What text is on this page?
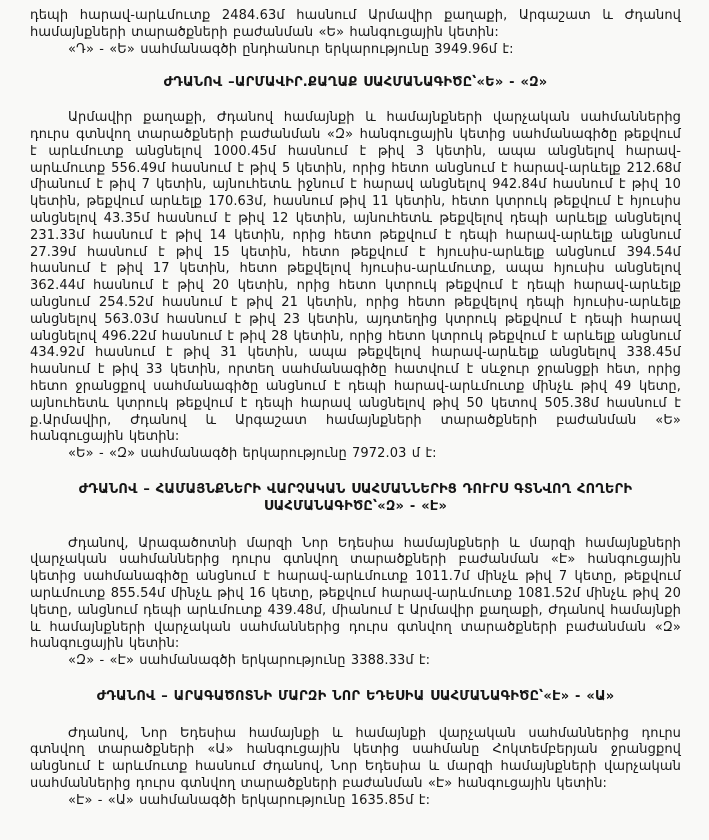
դեպի հարավ-արևմուտք 2484.63մ հասնում Արմավիր քաղաքի, Արգաշատ և Ժդանով համայնքների տարածքների բաժանման «Ե» հանգուցային կետին:

«Դ» - «Ե» սահմանագծի ընդհանուր երկարությունը 3949.96մ է:

ԺԴԱՆՈՎ –ԱՐՄԱՎԻՐ.ՔԱՂԱՔ ՍԱՀՄԱՆԱԳԻԾԸ՝«Ե» - «Զ»

Արմավիր քաղաքի, Ժդանով համայնքի և համայնքների վարչական սահմաններից դուրս գտնվող տարածքների բաժանման «Զ» հանգուցային կետից սահմանագիծը թեքվում է արևմուտք անցնելով 1000.45մ հասնում է թիվ 3 կետին, ապա անցնելով հարավ-արևմուտք 556.49մ հասնում է թիվ 5 կետին, որից հետո անցնում է հարավ-արևելք 212.68մ միանում է թիվ 7 կետին, այնուհետև իջնում է հարավ անցնելով 942.84մ հասնում է թիվ 10 կետին, թեքվում արևելք 170.63մ, հասնում թիվ 11 կետին, հետո կտրուկ թեքվում է հյուսիս անցնելով 43.35մ հասնում է թիվ 12 կետին, այնուհետև թեքվելով դեպի արևելք անցնելով 231.33մ հասնում է թիվ 14 կետին, որից հետո թեքվում է դեպի հարավ-արևելք անցնում 27.39մ հասնում է թիվ 15 կետին, հետո թեքվում է հյուսիս-արևելք անցնում 394.54մ հասնում է թիվ 17 կետին, հետո թեքվելով հյուսիս-արևմուտք, ապա հյուսիս անցնելով 362.44մ հասնում է թիվ 20 կետին, որից հետո կտրուկ թեքվում է դեպի հարավ-արևելք անցնում 254.52մ հասնում է թիվ 21 կետին, որից հետո թեքվելով դեպի հյուսիս-արևելք անցնելով 563.03մ հասնում է թիվ 23 կետին, այդտեղից կտրուկ թեքվում է դեպի հարավ անցնելով 496.22մ հասնում է թիվ 28 կետին, որից հետո կտրուկ թեքվում է արևելք անցնում 434.92մ հասնում է թիվ 31 կետին, ապա թեքվելով հարավ-արևելք անցնելով 338.45մ հասնում է թիվ 33 կետին, որտեղ սահմանագիծը հատվում է սևջուր ջրանցքի հետ, որից հետո ջրանցքով սահմանագիծը անցնում է դեպի հարավ-արևմուտք մինչև թիվ 49 կետը, այնուհետև կտրուկ թեքվում է դեպի հարավ անցնելով թիվ 50 կետով 505.38մ հասնում է ք.Արմավիր, Ժդանով և Արգաշատ համայնքների տարածքների բաժանման «Ե» հանգուցային կետին:

«Ե» - «Զ» սահմանագծի երկարությունը 7972.03 մ է:

ԺԴԱՆՈՎ – ՀԱՄԱՅՆՔՆԵՐԻ ՎԱՐՉԱԿԱՆ ՍԱՀՄԱՆՆԵՐԻՑ ԴՈՒՐՍ ԳՏՆՎՈՂ ՀՈՂԵՐԻ ՍԱՀՄԱՆԱԳԻԾԸ՝«Զ» - «Է»

Ժդանով, Արագածոտնի մարզի Նոր Եդեսիա համայնքների և մարզի համայնքների վարչական սահմաններից դուրս գտնվող տարածքների բաժանման «Է» հանգուցային կետից սահմանագիծը անցնում է հարավ-արևմուտք 1011.7մ մինչև թիվ 7 կետը, թեքվում արևմուտք 855.54մ մինչև թիվ 16 կետը, թեքվում հարավ-արևմուտք 1081.52մ մինչև թիվ 20 կետը, անցնում դեպի արևմուտք 439.48մ, միանում է Արմավիր քաղաքի, Ժդանով համայնքի և համայնքների վարչական սահմաններից դուրս գտնվող տարածքների բաժանման «Զ» հանգուցային կետին:

«Զ» - «Է» սահմանագծի երկարությունը 3388.33մ է:

ԺԴԱՆՈՎ – ԱՐԱԳԱԾՈՏՆԻ ՄԱՐԶԻ ՆՈՐ ԵԴԵՍԻԱ ՍԱՀՄԱՆԱԳԻԾԸ՝«Է» - «Ա»

Ժդանով, Նոր Եդեսիա համայնքի և համայնքի վարչական սահմաններից դուրս գտնվող տարածքների «Ա» հանգուցային կետից սահմանը Հոկտեմբերյան ջրանցքով անցնում է արևմուտք հասնում Ժդանով, Նոր Եդեսիա և մարզի համայնքների վարչական սահմաններից դուրս գտնվող տարածքների բաժանման «Է» հանգուցային կետին:

«Է» - «Ա» սահմանագծի երկարությունը 1635.85մ է:
